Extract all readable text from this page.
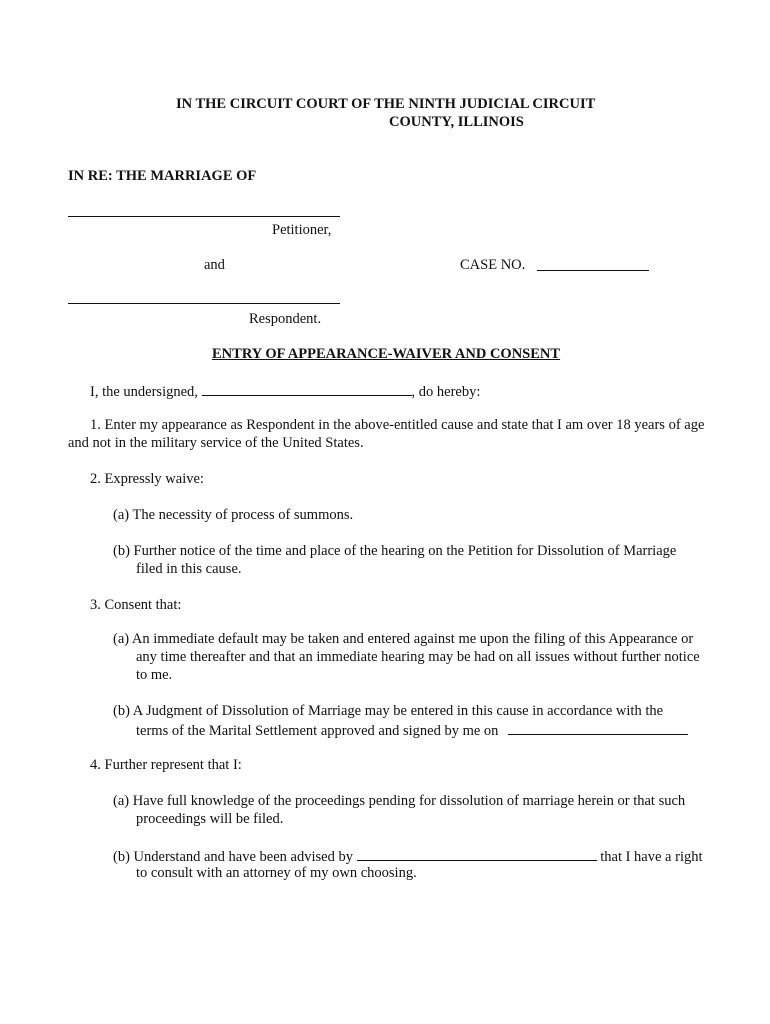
IN THE CIRCUIT COURT OF THE NINTH JUDICIAL CIRCUIT
COUNTY, ILLINOIS
IN RE: THE MARRIAGE OF
Petitioner,
and	CASE NO.
Respondent.
ENTRY OF APPEARANCE-WAIVER AND CONSENT
I, the undersigned,	, do hereby:
1. Enter my appearance as Respondent in the above-entitled cause and state that I am over 18 years of age and not in the military service of the United States.
2. Expressly waive:
(a) The necessity of process of summons.
(b) Further notice of the time and place of the hearing on the Petition for Dissolution of Marriage
filed in this cause.
3. Consent that:
(a) An immediate default may be taken and entered against me upon the filing of this Appearance or
any time thereafter and that an immediate hearing may be had on all issues without further notice
to me.
(b) A Judgment of Dissolution of Marriage may be entered in this cause in accordance with the
terms of the Marital Settlement approved and signed by me on
4. Further represent that I:
(a) Have full knowledge of the proceedings pending for dissolution of marriage herein or that such
proceedings will be filed.
(b) Understand and have been advised by	that I have a right
to consult with an attorney of my own choosing.
